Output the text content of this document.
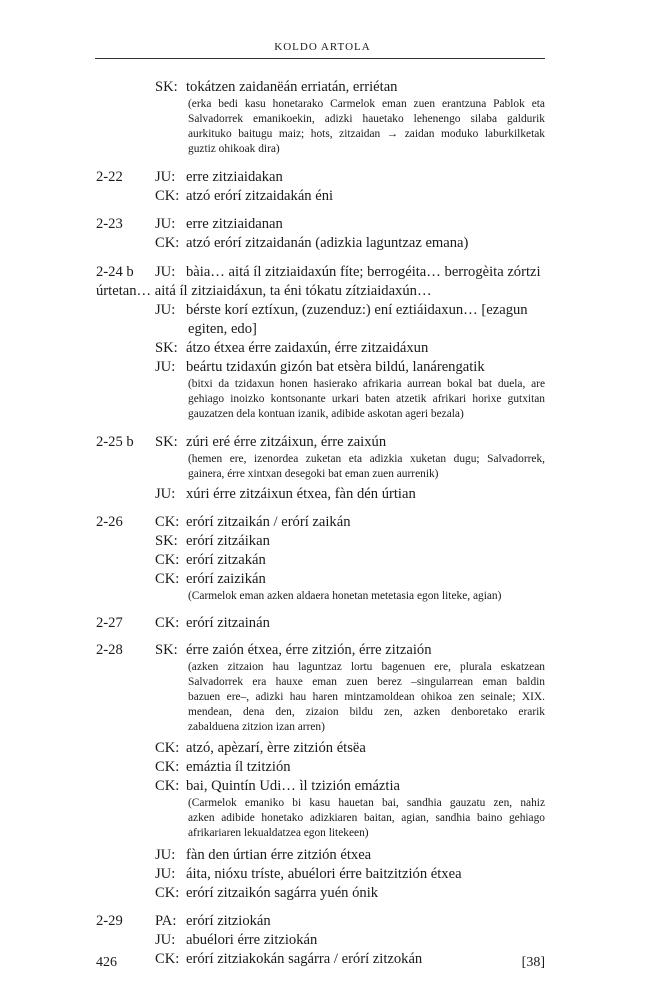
KOLDO ARTOLA
SK: tokátzen zaidanëán erriatán, erriétan
(erka bedi kasu honetarako Carmelok eman zuen erantzuna Pablok eta
Salvadorrek emanikoekin, adizki hauetako lehenengo silaba galdurik
aurkituko baitugu maiz; hots, zitzaidan → zaidan moduko laburkilketak
guztiz ohikoak dira)
2-22 JU: erre zitziaidakan
CK: atzó erórí zitzaidakán éni
2-23 JU: erre zitziaidanan
CK: atzó erórí zitzaidanán (adizkia laguntzaz emana)
2-24 b JU: bàia… aitá íl zitziaidaxún fíte; berrogéita… berrogèita zórtzi
úrtetan… aitá íl zitziaidáxun, ta éni tókatu zítziaidaxún…
JU: bérste korí eztíxun, (zuzenduz:) ení eztiáidaxun… [ezagun
egiten, edo]
SK: átzo étxea érre zaidaxún, érre zitzaidáxun
JU: beártu tzidaxún gizón bat etsèra bildú, lanárengatik
(bitxi da tzidaxun honen hasierako afrikaria aurrean bokal bat duela, are
gehiago inoizko kontsonante urkari baten atzetik afrikari horixe gutxitan
gauzatzen dela kontuan izanik, adibide askotan ageri bezala)
2-25 b SK: zúri eré érre zitzáixun, érre zaixún
(hemen ere, izenordea zuketan eta adizkia xuketan dugu; Salvadorrek,
gainera, érre xintxan desegoki bat eman zuen aurrenik)
JU: xúri érre zitzáixun étxea, fàn dén úrtian
2-26 CK: erórí zitzaikán / erórí zaikán
SK: erórí zitzáikan
CK: erórí zitzakán
CK: erórí zaizikán
(Carmelok eman azken aldaera honetan metetasia egon liteke, agian)
2-27 CK: erórí zitzainán
2-28 SK: érre zaión étxea, érre zitzión, érre zitzaión
(azken zitzaion hau laguntzaz lortu bagenuen ere, plurala eskatzean
Salvadorrek era hauxe eman zuen berez –singularrean eman baldin
bazuen ere–, adizki hau haren mintzamoldean ohikoa zen seinale; XIX.
mendean, dena den, zizaion bildu zen, azken denboretako erarik
zabalduena zitzion izan arren)
CK: atzó, apèzarí, èrre zitzión étsëa
CK: emáztia íl tzitzión
CK: bai, Quintín Udi… ìl tzizión emáztia
(Carmelok emaniko bi kasu hauetan bai, sandhia gauzatu zen, nahiz
azken adibide honetako adizkiaren baitan, agian, sandhia baino gehiago
afrikariaren lekualdatzea egon litekeen)
JU: fàn den úrtian érre zitzión étxea
JU: áita, nióxu tríste, abuélori érre baitzitzión étxea
CK: erórí zitzaikón sagárra yuén ónik
2-29 PA: erórí zitziokán
JU: abuélori érre zitziokán
CK: erórí zitziakokán sagárra / erórí zitzokán
426	[38]
